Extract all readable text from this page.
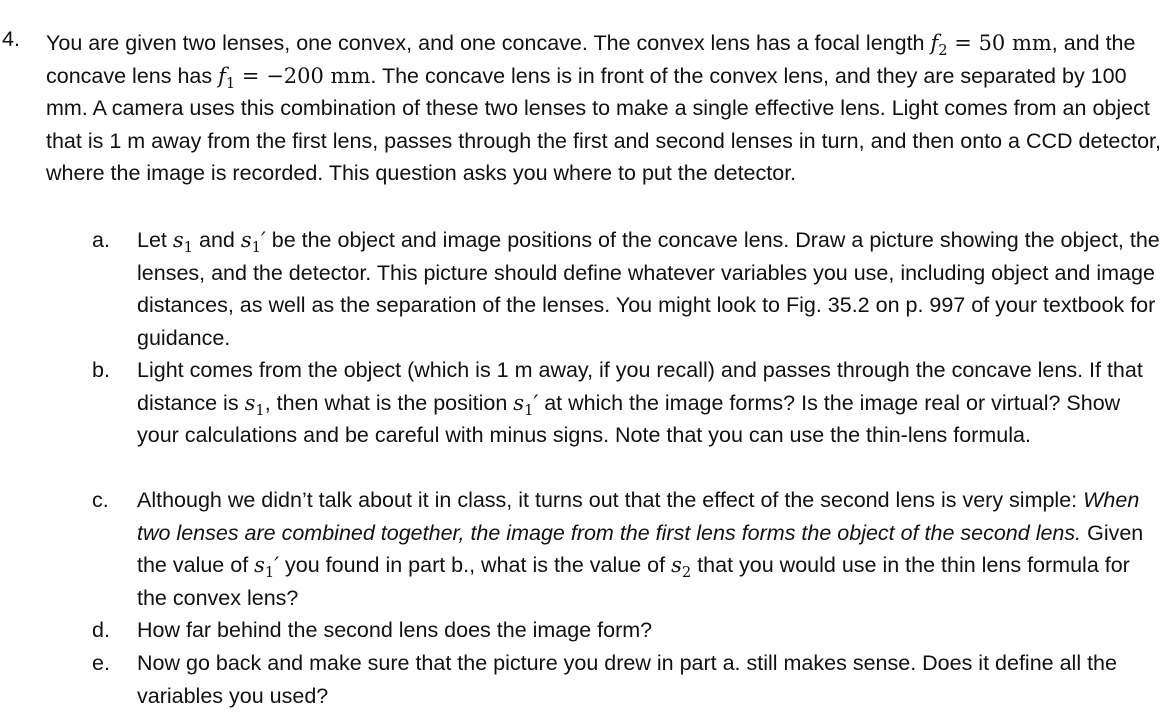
4. You are given two lenses, one convex, and one concave. The convex lens has a focal length $f_2 = 50$ mm, and the concave lens has $f_1 = -200$ mm. The concave lens is in front of the convex lens, and they are separated by 100 mm. A camera uses this combination of these two lenses to make a single effective lens. Light comes from an object that is 1 m away from the first lens, passes through the first and second lenses in turn, and then onto a CCD detector, where the image is recorded. This question asks you where to put the detector.
a. Let $s_1$ and $s_1'$ be the object and image positions of the concave lens. Draw a picture showing the object, the lenses, and the detector. This picture should define whatever variables you use, including object and image distances, as well as the separation of the lenses. You might look to Fig. 35.2 on p. 997 of your textbook for guidance.
b. Light comes from the object (which is 1 m away, if you recall) and passes through the concave lens. If that distance is $s_1$, then what is the position $s_1'$ at which the image forms? Is the image real or virtual? Show your calculations and be careful with minus signs. Note that you can use the thin-lens formula.
c. Although we didn’t talk about it in class, it turns out that the effect of the second lens is very simple: When two lenses are combined together, the image from the first lens forms the object of the second lens. Given the value of $s_1'$ you found in part b., what is the value of $s_2$ that you would use in the thin lens formula for the convex lens?
d. How far behind the second lens does the image form?
e. Now go back and make sure that the picture you drew in part a. still makes sense. Does it define all the variables you used?
